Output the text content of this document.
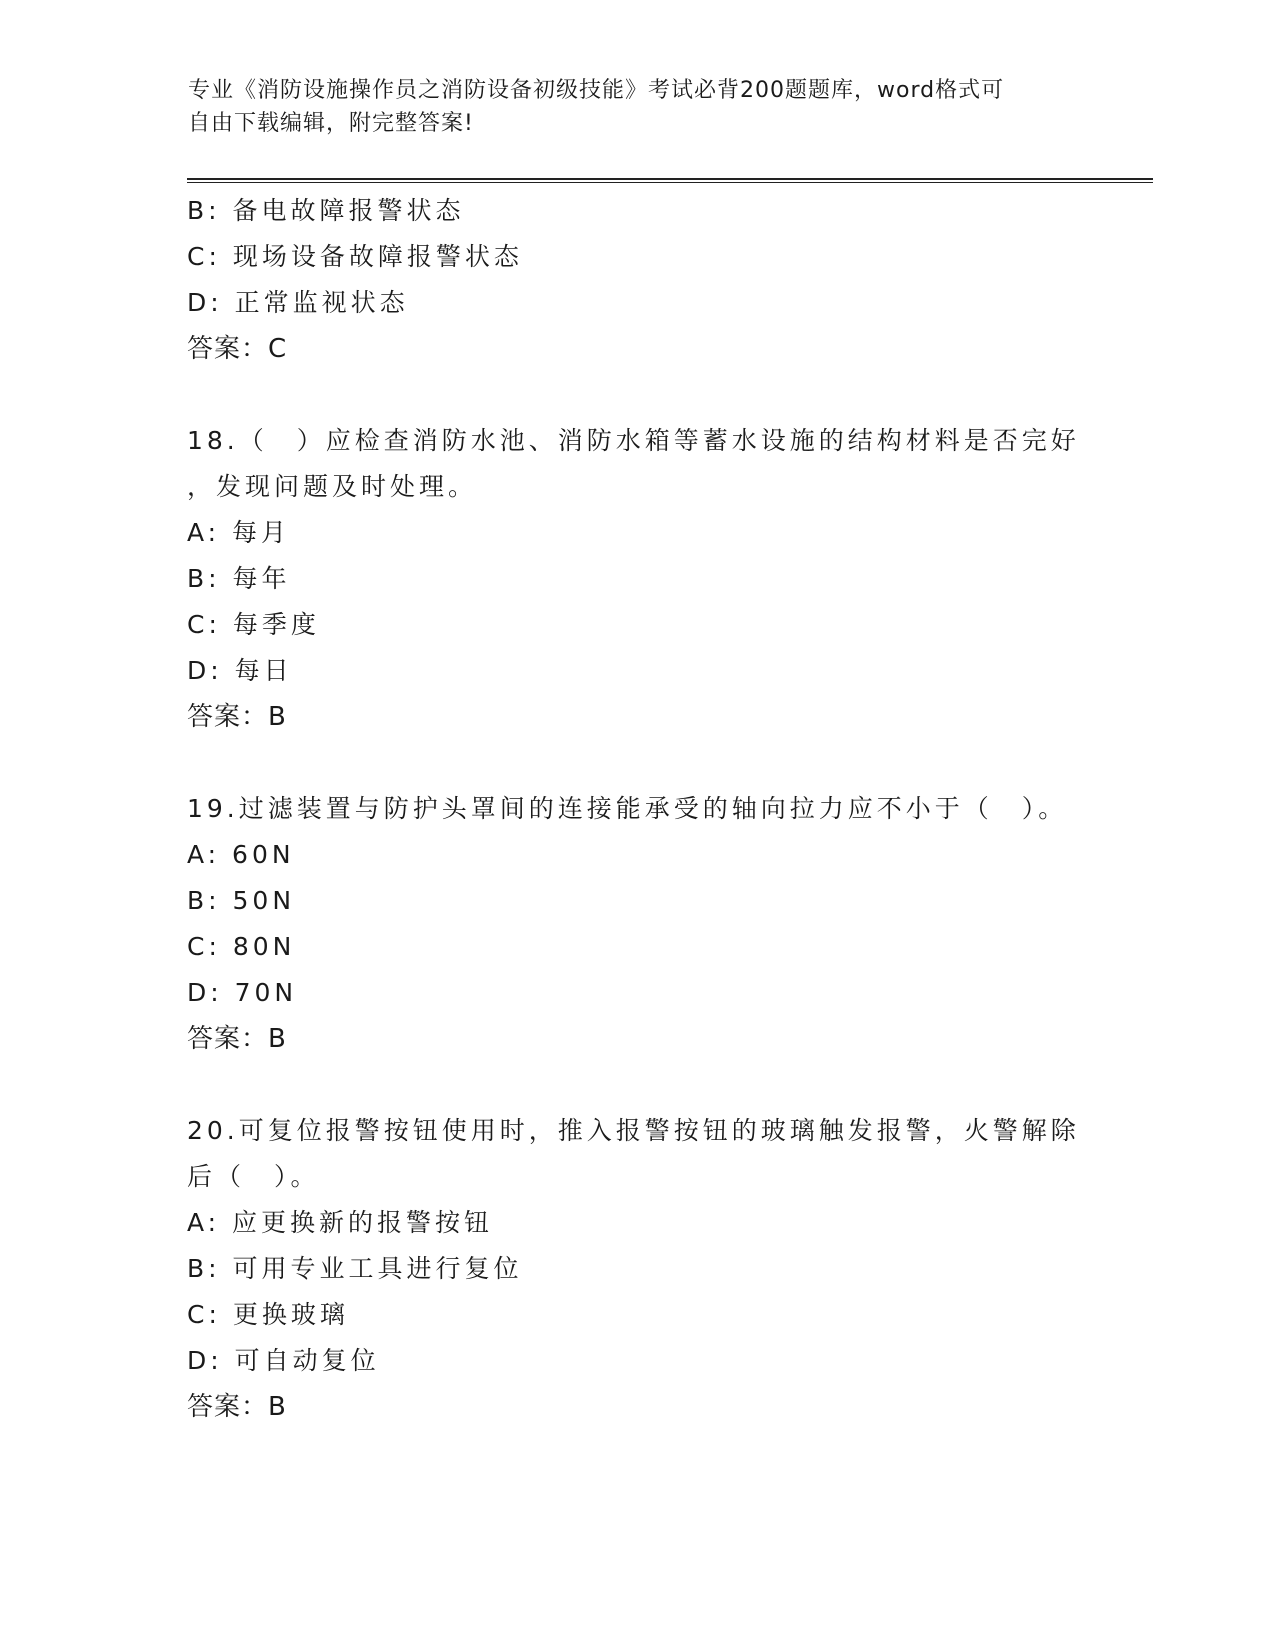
专业《消防设施操作员之消防设备初级技能》考试必背200题题库，word格式可
自由下载编辑，附完整答案!
B: 备电故障报警状态
C: 现场设备故障报警状态
D: 正常监视状态
答案：C
18.（　）应检查消防水池、消防水箱等蓄水设施的结构材料是否完好
，发现问题及时处理。
A: 每月
B: 每年
C: 每季度
D: 每日
答案：B
19.过滤装置与防护头罩间的连接能承受的轴向拉力应不小于（　）。
A: 60N
B: 50N
C: 80N
D: 70N
答案：B
20.可复位报警按钮使用时，推入报警按钮的玻璃触发报警，火警解除
后（　）。
A: 应更换新的报警按钮
B: 可用专业工具进行复位
C: 更换玻璃
D: 可自动复位
答案：B
